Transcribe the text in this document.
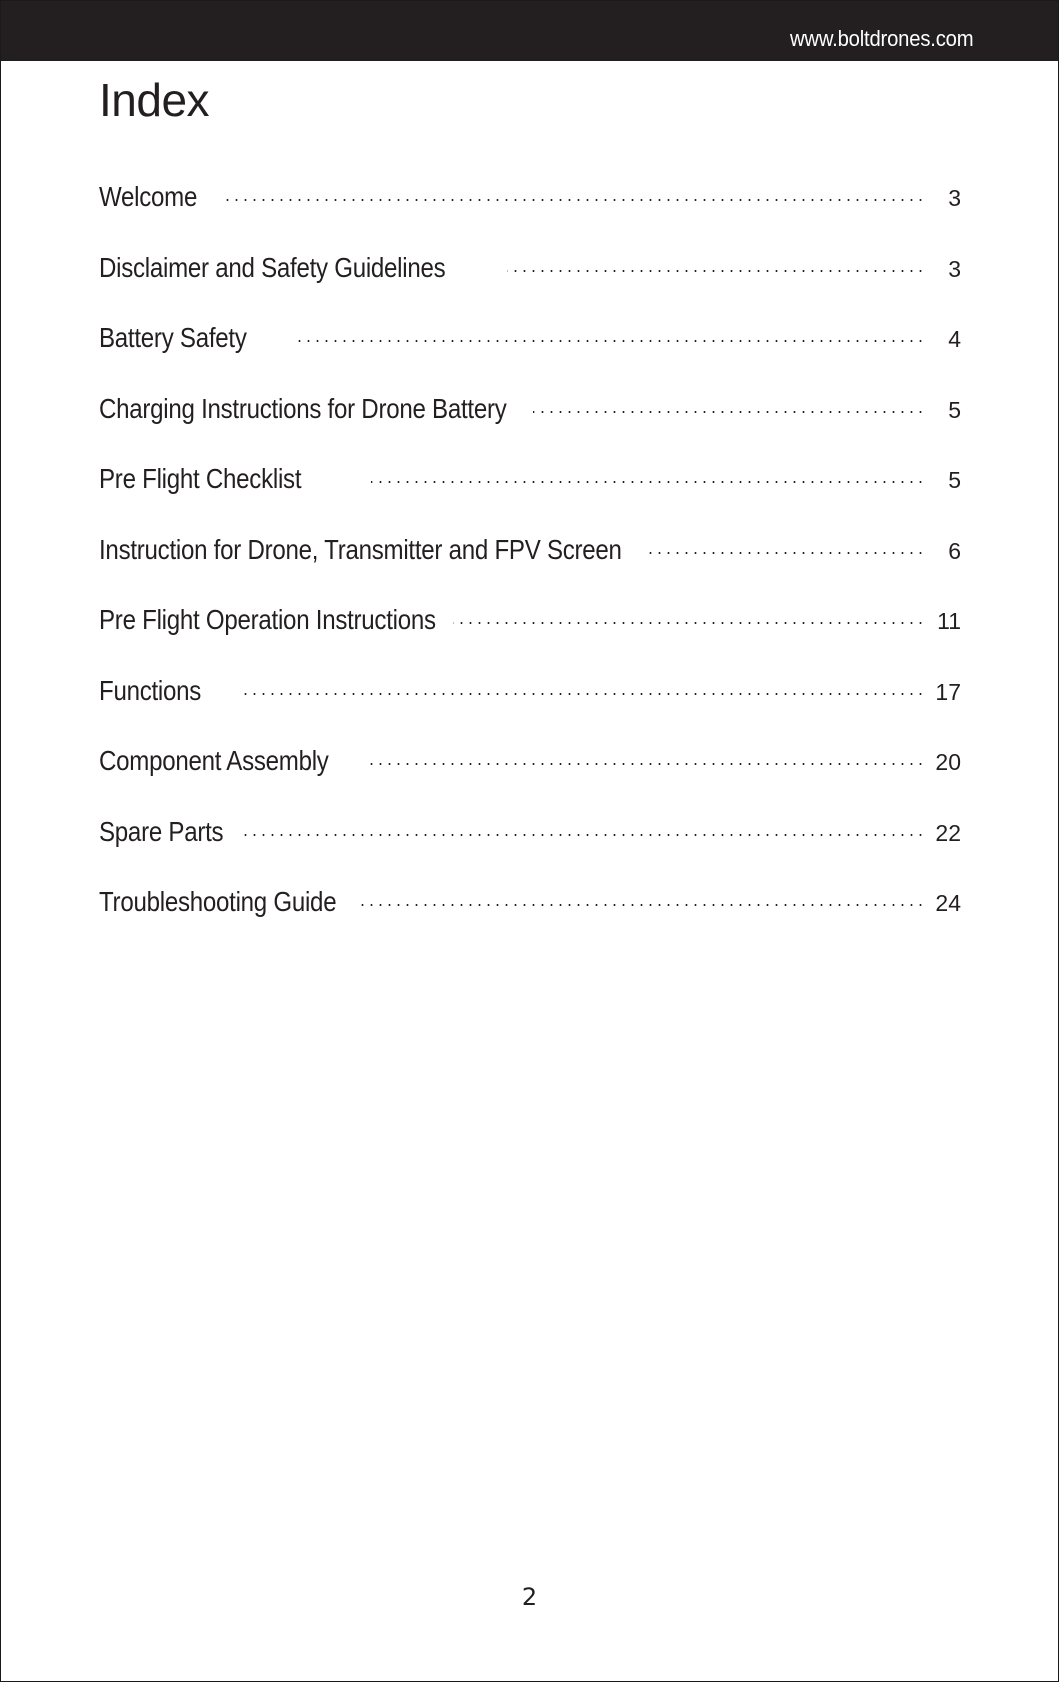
www.boltdrones.com
Index
Welcome	3
Disclaimer and Safety Guidelines	3
Battery Safety	4
Charging Instructions for Drone Battery	5
Pre Flight Checklist	5
Instruction for Drone, Transmitter and FPV Screen	6
Pre Flight Operation Instructions	11
Functions	17
Component Assembly	20
Spare Parts	22
Troubleshooting Guide	24
2
